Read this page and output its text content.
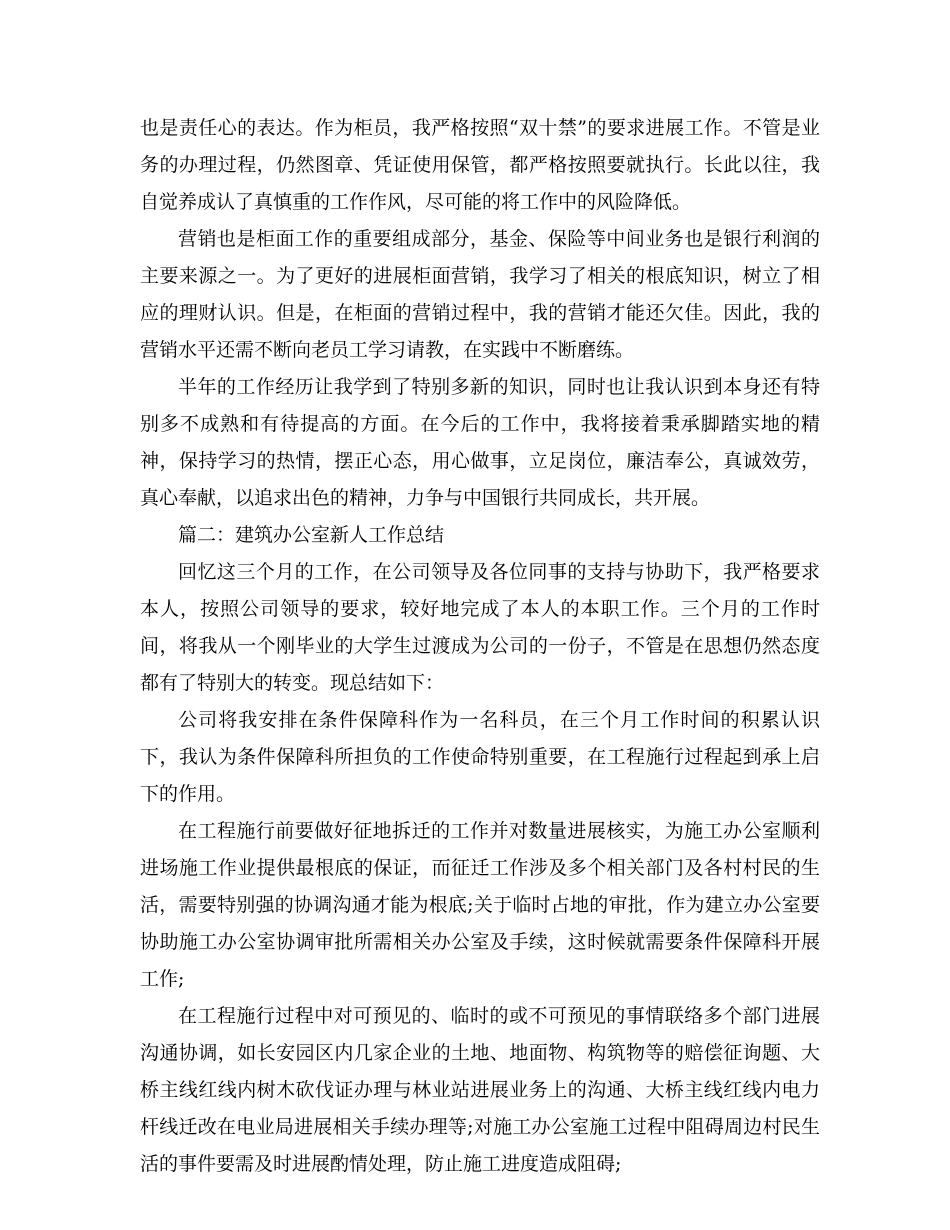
也是责任心的表达。作为柜员，我严格按照“双十禁”的要求进展工作。不管是业务的办理过程，仍然图章、凭证使用保管，都严格按照要就执行。长此以往，我自觉养成认了真慎重的工作作风，尽可能的将工作中的风险降低。

营销也是柜面工作的重要组成部分，基金、保险等中间业务也是银行利润的主要来源之一。为了更好的进展柜面营销，我学习了相关的根底知识，树立了相应的理财认识。但是，在柜面的营销过程中，我的营销才能还欠佳。因此，我的营销水平还需不断向老员工学习请教，在实践中不断磨练。

半年的工作经历让我学到了特别多新的知识，同时也让我认识到本身还有特别多不成熟和有待提高的方面。在今后的工作中，我将接着秉承脚踏实地的精神，保持学习的热情，摆正心态，用心做事，立足岗位，廉洁奉公，真诚效劳，真心奉献，以追求出色的精神，力争与中国银行共同成长，共开展。

篇二：建筑办公室新人工作总结

回忆这三个月的工作，在公司领导及各位同事的支持与协助下，我严格要求本人，按照公司领导的要求，较好地完成了本人的本职工作。三个月的工作时间，将我从一个刚毕业的大学生过渡成为公司的一份子，不管是在思想仍然态度都有了特别大的转变。现总结如下：

公司将我安排在条件保障科作为一名科员，在三个月工作时间的积累认识下，我认为条件保障科所担负的工作使命特别重要，在工程施行过程起到承上启下的作用。

在工程施行前要做好征地拆迁的工作并对数量进展核实，为施工办公室顺利进场施工作业提供最根底的保证，而征迁工作涉及多个相关部门及各村村民的生活，需要特别强的协调沟通才能为根底;关于临时占地的审批，作为建立办公室要协助施工办公室协调审批所需相关办公室及手续，这时候就需要条件保障科开展工作;

在工程施行过程中对可预见的、临时的或不可预见的事情联络多个部门进展沟通协调，如长安园区内几家企业的土地、地面物、构筑物等的赔偿征询题、大桥主线红线内树木砍伐证办理与林业站进展业务上的沟通、大桥主线红线内电力杆线迁改在电业局进展相关手续办理等;对施工办公室施工过程中阻碍周边村民生活的事件要需及时进展酌情处理，防止施工进度造成阻碍;
